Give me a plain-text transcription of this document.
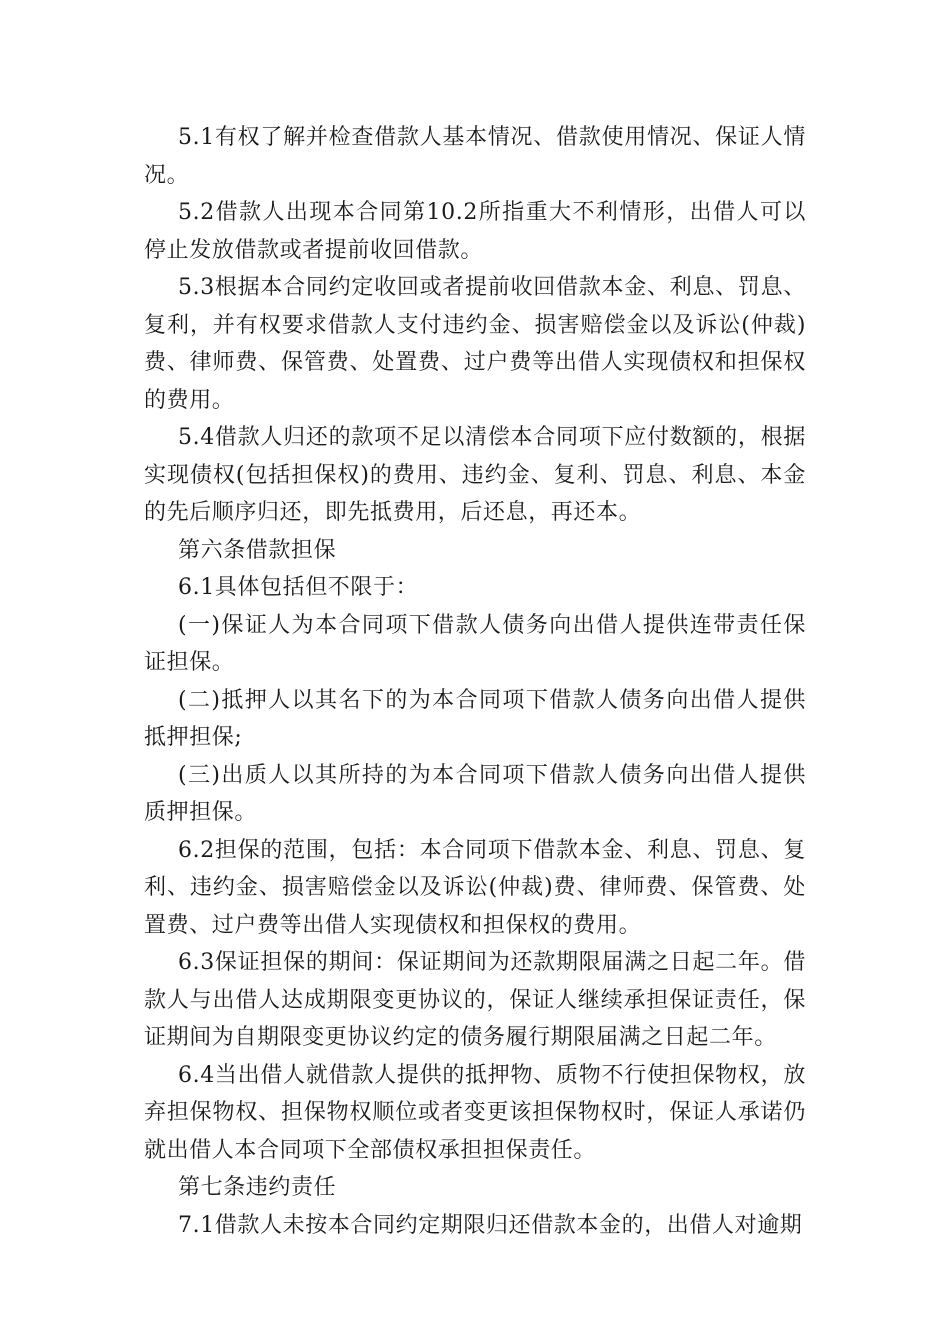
5.1有权了解并检查借款人基本情况、借款使用情况、保证人情况。

5.2借款人出现本合同第10.2所指重大不利情形，出借人可以停止发放借款或者提前收回借款。

5.3根据本合同约定收回或者提前收回借款本金、利息、罚息、复利，并有权要求借款人支付违约金、损害赔偿金以及诉讼(仲裁)费、律师费、保管费、处置费、过户费等出借人实现债权和担保权的费用。

5.4借款人归还的款项不足以清偿本合同项下应付数额的，根据实现债权(包括担保权)的费用、违约金、复利、罚息、利息、本金的先后顺序归还，即先抵费用，后还息，再还本。

第六条借款担保

6.1具体包括但不限于：

(一)保证人为本合同项下借款人债务向出借人提供连带责任保证担保。

(二)抵押人以其名下的为本合同项下借款人债务向出借人提供抵押担保;

(三)出质人以其所持的为本合同项下借款人债务向出借人提供质押担保。

6.2担保的范围，包括：本合同项下借款本金、利息、罚息、复利、违约金、损害赔偿金以及诉讼(仲裁)费、律师费、保管费、处置费、过户费等出借人实现债权和担保权的费用。

6.3保证担保的期间：保证期间为还款期限届满之日起二年。借款人与出借人达成期限变更协议的，保证人继续承担保证责任，保证期间为自期限变更协议约定的债务履行期限届满之日起二年。

6.4当出借人就借款人提供的抵押物、质物不行使担保物权，放弃担保物权、担保物权顺位或者变更该担保物权时，保证人承诺仍就出借人本合同项下全部债权承担担保责任。

第七条违约责任

7.1借款人未按本合同约定期限归还借款本金的，出借人对逾期
